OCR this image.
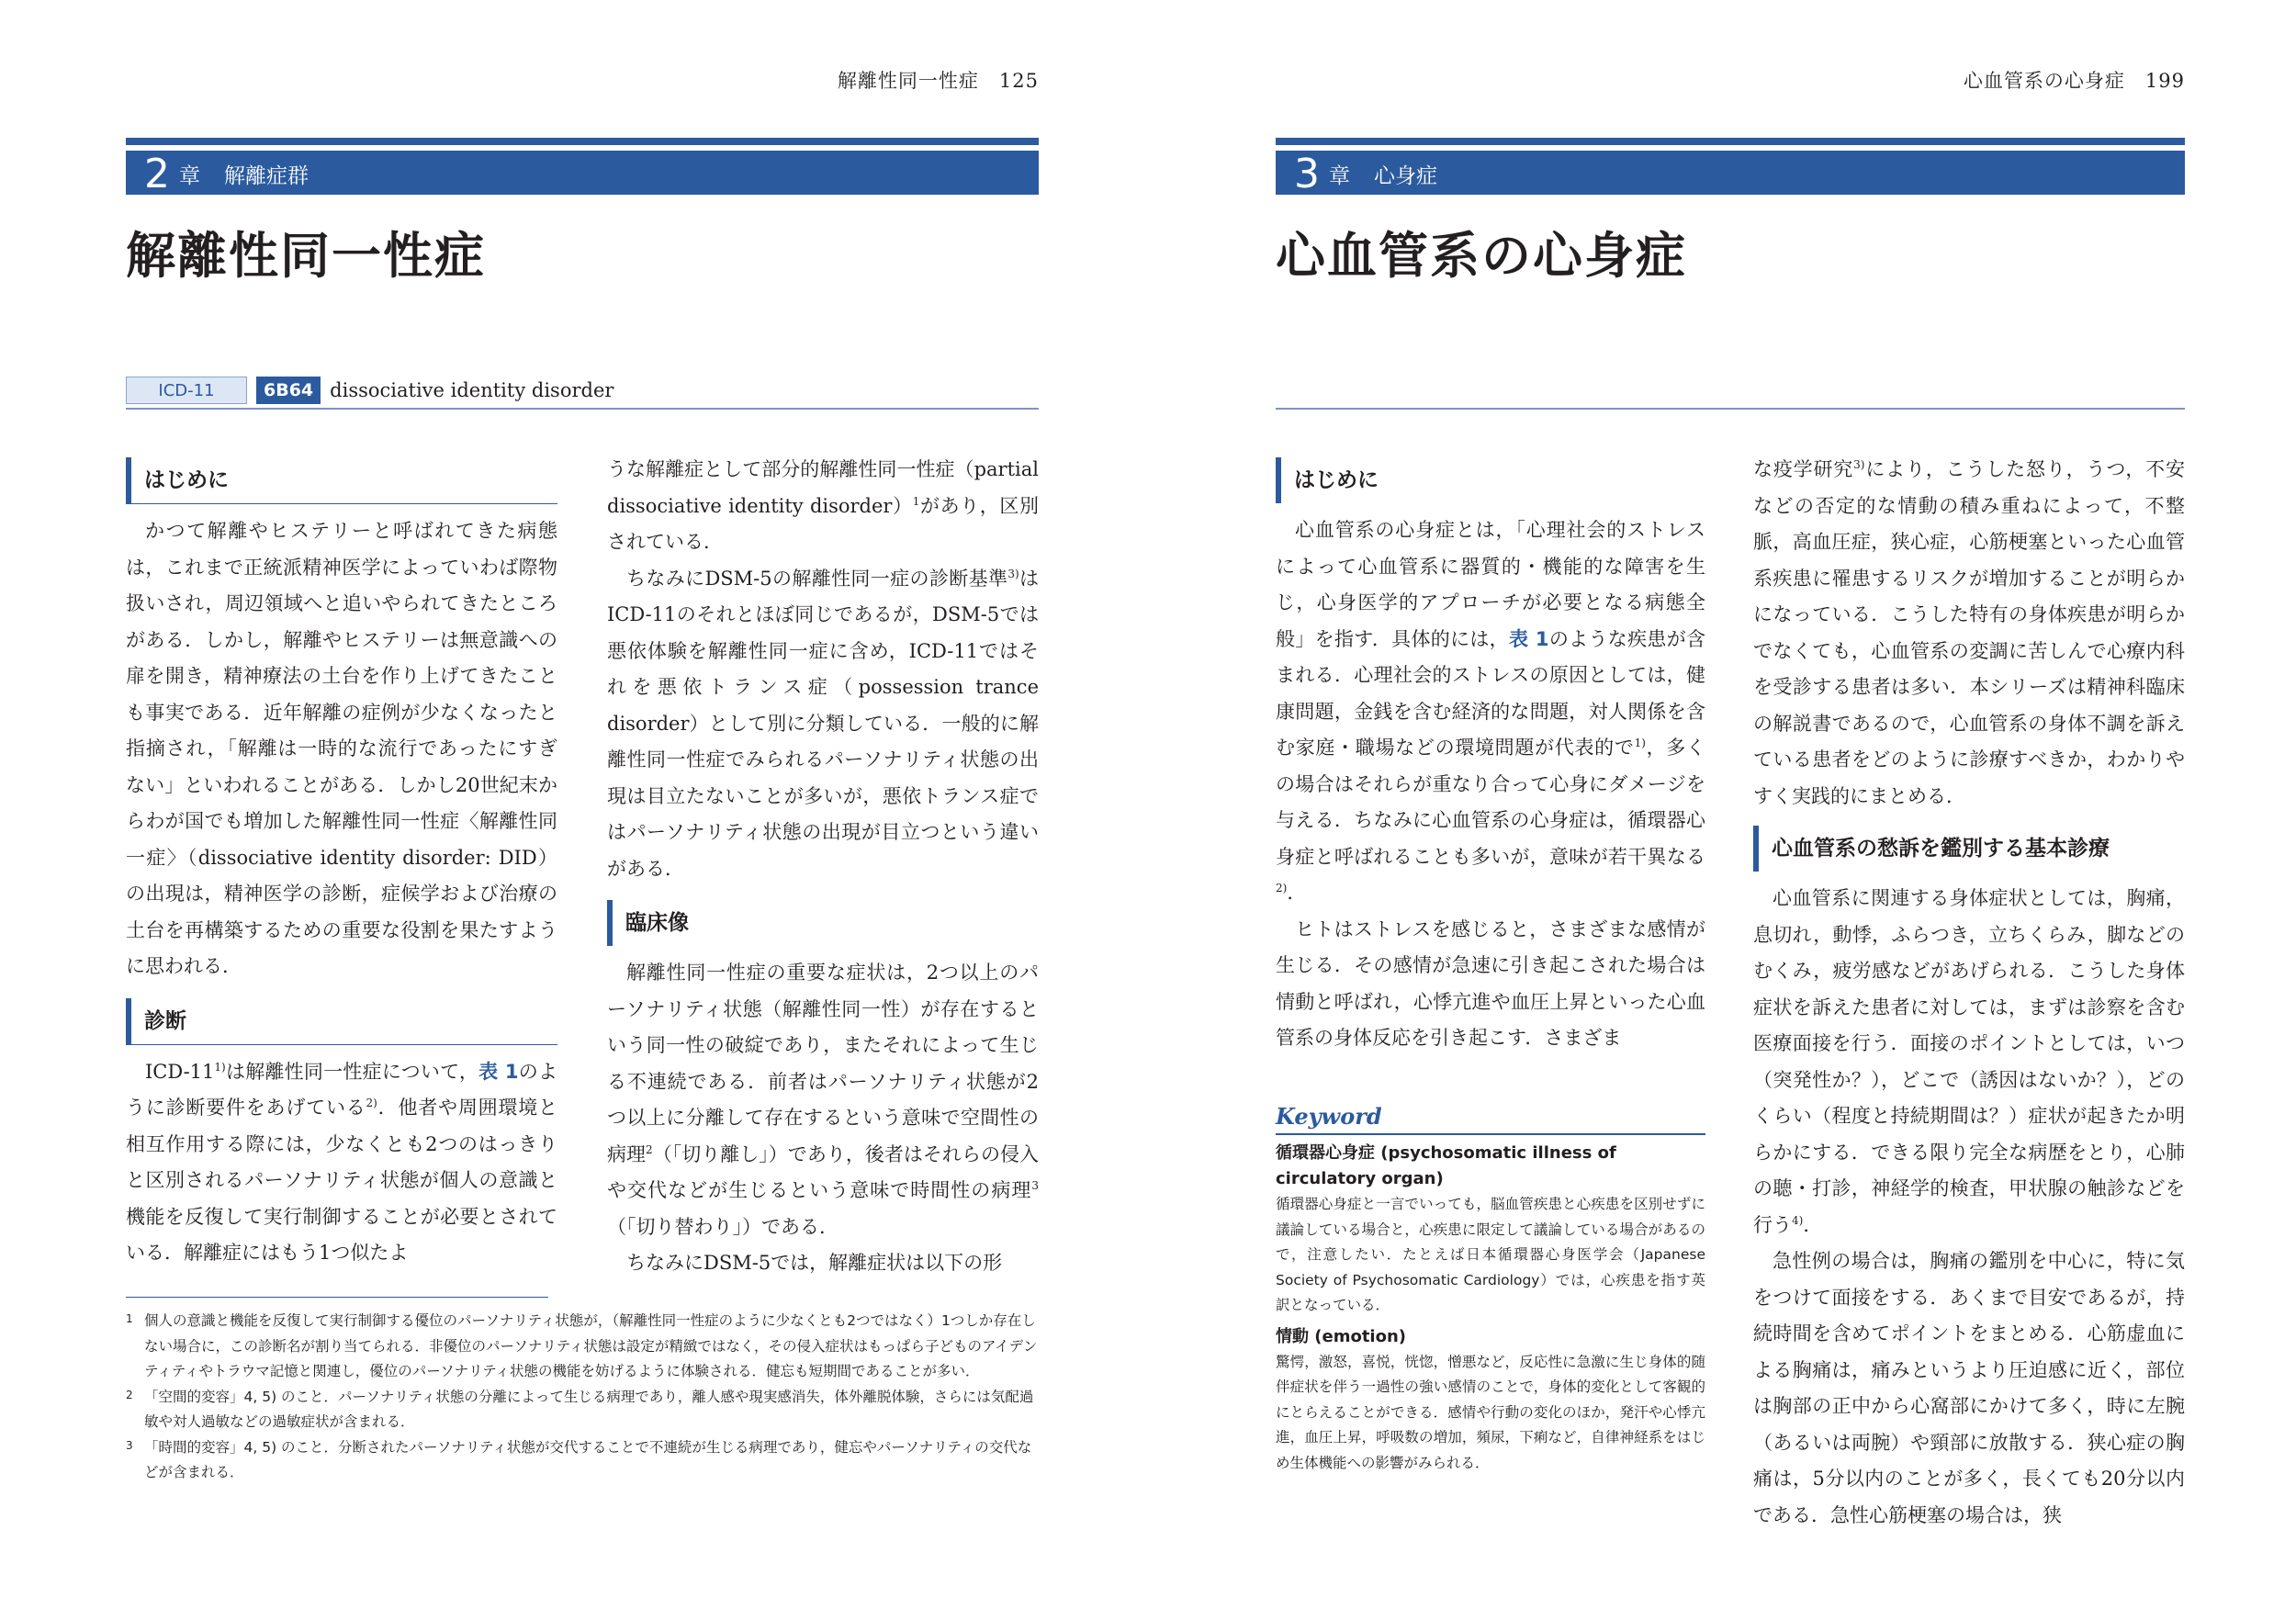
解離性同一性症 125
2 章 解離症群
解離性同一性症
ICD-11	6B64 dissociative identity disorder
はじめに

かつて解離やヒステリーと呼ばれてきた病態は，これまで正統派精神医学によっていわば際物扱いされ，周辺領域へと追いやられてきたところがある．しかし，解離やヒステリーは無意識への扉を開き，精神療法の土台を作り上げてきたことも事実である．近年解離の症例が少なくなったと指摘され，「解離は一時的な流行であったにすぎない」といわれることがある．しかし20世紀末からわが国でも増加した解離性同一性症〈解離性同一症〉（dissociative identity disorder: DID）の出現は，精神医学の診断，症候学および治療の土台を再構築するための重要な役割を果たすように思われる．

診断

ICD-11$^{1)}$は解離性同一性症について，表 1のように診断要件をあげている$^{2)}$．他者や周囲環境と相互作用する際には，少なくとも2つのはっきりと区別されるパーソナリティ状態が個人の意識と機能を反復して実行制御することが必要とされている．解離症にはもう1つ似たよ

うな解離症として部分的解離性同一性症（partial dissociative identity disorder）$^1$があり，区別されている．

ちなみにDSM-5の解離性同一症の診断基準$^{3)}$はICD-11のそれとほぼ同じであるが，DSM-5では悪依体験を解離性同一症に含め，ICD-11ではそれを悪依トランス症（possession trance disorder）として別に分類している．一般的に解離性同一性症でみられるパーソナリティ状態の出現は目立たないことが多いが，悪依トランス症ではパーソナリティ状態の出現が目立つという違いがある．

臨床像

解離性同一性症の重要な症状は，2つ以上のパーソナリティ状態（解離性同一性）が存在するという同一性の破綻であり，またそれによって生じる不連続である．前者はパーソナリティ状態が2つ以上に分離して存在するという意味で空間性の病理$^2$（「切り離し」）であり，後者はそれらの侵入や交代などが生じるという意味で時間性の病理$^3$（「切り替わり」）である．

ちなみにDSM-5では，解離症状は以下の形

1 個人の意識と機能を反復して実行制御する優位のパーソナリティ状態が，（解離性同一性症のように少なくとも2つではなく）1つしか存在しない場合に，この診断名が割り当てられる．非優位のパーソナリティ状態は設定が精緻ではなく，その侵入症状はもっぱら子どものアイデンティティやトラウマ記憶と関連し，優位のパーソナリティ状態の機能を妨げるように体験される．健忘も短期間であることが多い．
2 「空間的変容」4, 5) のこと．パーソナリティ状態の分離によって生じる病理であり，離人感や現実感消失，体外離脱体験，さらには気配過敏や対人過敏などの過敏症状が含まれる．
3 「時間的変容」4, 5) のこと．分断されたパーソナリティ状態が交代することで不連続が生じる病理であり，健忘やパーソナリティの交代などが含まれる．
心血管系の心身症 199
3 章 心身症
心血管系の心身症
はじめに

心血管系の心身症とは，「心理社会的ストレスによって心血管系に器質的・機能的な障害を生じ，心身医学的アプローチが必要となる病態全般」を指す．具体的には，表 1のような疾患が含まれる．心理社会的ストレスの原因としては，健康問題，金銭を含む経済的な問題，対人関係を含む家庭・職場などの環境問題が代表的で$^{1)}$，多くの場合はそれらが重なり合って心身にダメージを与える．ちなみに心血管系の心身症は，循環器心身症と呼ばれることも多いが，意味が若干異なる$^{2)}$．

ヒトはストレスを感じると，さまざまな感情が生じる．その感情が急速に引き起こされた場合は情動と呼ばれ，心悸亢進や血圧上昇といった心血管系の身体反応を引き起こす．さまざま

Keyword
循環器心身症 (psychosomatic illness of circulatory organ)
循環器心身症と一言でいっても，脳血管疾患と心疾患を区別せずに議論している場合と，心疾患に限定して議論している場合があるので，注意したい．たとえば日本循環器心身医学会（Japanese Society of Psychosomatic Cardiology）では，心疾患を指す英訳となっている．
情動 (emotion)
驚愕，激怒，喜悦，恍惚，憎悪など，反応性に急激に生じ身体的随伴症状を伴う一過性の強い感情のことで，身体的変化として客観的にとらえることができる．感情や行動の変化のほか，発汗や心悸亢進，血圧上昇，呼吸数の増加，頻尿，下痢など，自律神経系をはじめ生体機能への影響がみられる．

な疫学研究$^{3)}$により，こうした怒り，うつ，不安などの否定的な情動の積み重ねによって，不整脈，高血圧症，狭心症，心筋梗塞といった心血管系疾患に罹患するリスクが増加することが明らかになっている．こうした特有の身体疾患が明らかでなくても，心血管系の変調に苦しんで心療内科を受診する患者は多い．本シリーズは精神科臨床の解説書であるので，心血管系の身体不調を訴えている患者をどのように診療すべきか，わかりやすく実践的にまとめる．

心血管系の愁訴を鑑別する基本診療

心血管系に関連する身体症状としては，胸痛，息切れ，動悸，ふらつき，立ちくらみ，脚などのむくみ，疲労感などがあげられる．こうした身体症状を訴えた患者に対しては，まずは診察を含む医療面接を行う．面接のポイントとしては，いつ（突発性か？），どこで（誘因はないか？），どのくらい（程度と持続期間は？）症状が起きたか明らかにする．できる限り完全な病歴をとり，心肺の聴・打診，神経学的検査，甲状腺の触診などを行う$^{4)}$．

急性例の場合は，胸痛の鑑別を中心に，特に気をつけて面接をする．あくまで目安であるが，持続時間を含めてポイントをまとめる．心筋虚血による胸痛は，痛みというより圧迫感に近く，部位は胸部の正中から心窩部にかけて多く，時に左腕（あるいは両腕）や頸部に放散する．狭心症の胸痛は，5分以内のことが多く，長くても20分以内である．急性心筋梗塞の場合は，狭
